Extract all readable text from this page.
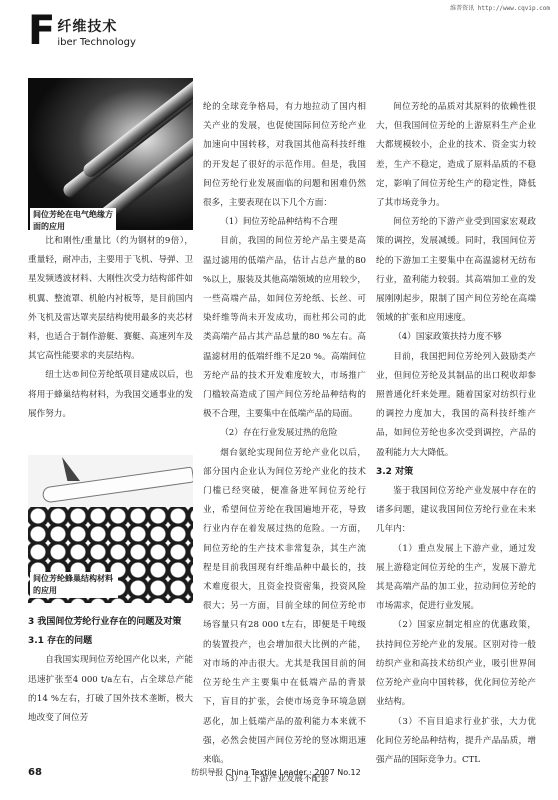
维普资讯 http://www.cqvip.com
F 纤维技术
iber Technology
间位芳纶在电气绝缘方面的应用

比和刚性/重量比（约为钢材的9倍），重量轻，耐冲击，主要用于飞机、导弹、卫星发频透波材料、大刚性次受力结构部件如机翼、整流罩、机舱内衬板等，是目前国内外飞机及雷达罩夹层结构使用最多的夹芯材料，也适合于制作游艇、赛艇、高速列车及其它高性能要求的夹层结构。

纽士达®间位芳纶纸项目建成以后，也将用于蜂巢结构材料，为我国交通事业的发展作努力。

间位芳纶蜂巢结构材料的应用

3 我国间位芳纶行业存在的问题及对策

3.1 存在的问题

自我国实现间位芳纶国产化以来，产能迅速扩张至4 000 t/a左右，占全球总产能的14 %左右，打破了国外技术垄断，极大地改变了间位芳

纶的全球竞争格局，有力地拉动了国内相关产业的发展，也促使国际间位芳纶产业加速向中国转移，对我国其他高科技纤维的开发起了很好的示范作用。但是，我国间位芳纶行业发展面临的问题和困难仍然很多，主要表现在以下几个方面：

（1）间位芳纶品种结构不合理

目前，我国的间位芳纶产品主要是高温过滤用的低端产品，估计占总产量的80 %以上，服装及其他高端领域的应用较少，一些高端产品，如间位芳纶纸、长丝、可染纤维等尚未开发成功，而杜邦公司的此类高端产品占其产品总量的80 %左右。高温滤材用的低端纤维不足20 %。高端间位芳纶产品的技术开发难度较大，市场推广门槛较高造成了国产间位芳纶品种结构的极不合理，主要集中在低端产品的局面。

（2）存在行业发展过热的危险

烟台氨纶实现间位芳纶产业化以后，部分国内企业认为间位芳纶产业化的技术门槛已经突破，便准备进军间位芳纶行业，希望间位芳纶在我国遍地开花，导致行业内存在着发展过热的危险。一方面，间位芳纶的生产技术非常复杂，其生产流程是目前我国现有纤维品种中最长的，技术难度很大，且资金投资密集，投资风险很大；另一方面，目前全球的间位芳纶市场容量只有28 000 t左右，即便是千吨级的装置投产，也会增加很大比例的产能，对市场的冲击很大。尤其是我国目前的间位芳纶生产主要集中在低端产品的背景下，盲目的扩张，会使市场竞争环境急剧恶化，加上低端产品的盈利能力本来就不强，必然会使国产间位芳纶的竖冰期迅速来临。

（3）上下游产业发展不配套

间位芳纶的品质对其原料的依赖性很大，但我国间位芳纶的上游原料生产企业大都规模较小，企业的技术、资金实力较差，生产不稳定，造成了原料品质的不稳定，影响了间位芳纶生产的稳定性，降低了其市场竞争力。

间位芳纶的下游产业受到国家宏观政策的调控，发展减缓。同时，我国间位芳纶的下游加工主要集中在高温滤材无纺布行业，盈利能力较弱。其高端加工业的发展刚刚起步，限制了国产间位芳纶在高端领域的扩张和应用速度。

（4）国家政策扶持力度不够

目前，我国把间位芳纶列入鼓励类产业，但间位芳纶及其制品的出口税收却参照普通化纤来处理。随着国家对纺织行业的调控力度加大，我国的高科技纤维产品，如间位芳纶也多次受到调控，产品的盈利能力大大降低。

3.2 对策

鉴于我国间位芳纶产业发展中存在的诸多问题，建议我国间位芳纶行业在未来几年内：

（1）重点发展上下游产业，通过发展上游稳定间位芳纶的生产，发展下游尤其是高端产品的加工业，拉动间位芳纶的市场需求，促进行业发展。

（2）国家应制定相应的优惠政策，扶持间位芳纶产业的发展。区别对待一般纺织产业和高技术纺织产业，吸引世界间位芳纶产业向中国转移，优化间位芳纶产业结构。

（3）不盲目追求行业扩张，大力优化间位芳纶品种结构，提升产品品质，增强产品的国际竞争力。CTL

68	纺织导报 China Textile Leader · 2007 No.12
